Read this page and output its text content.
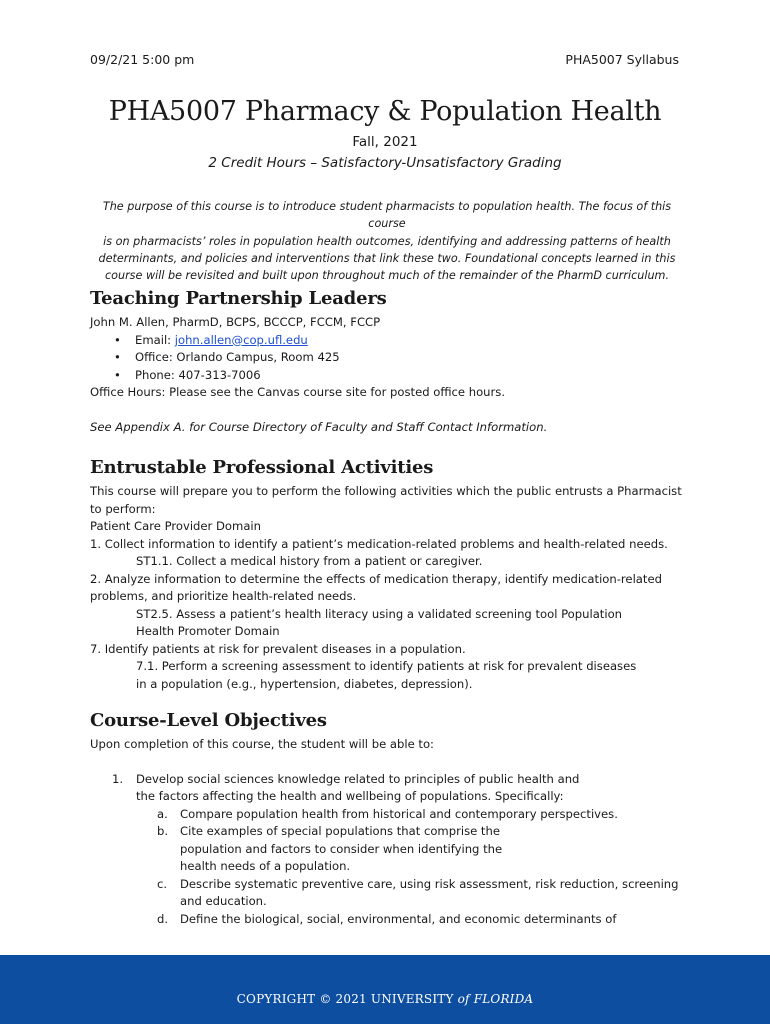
09/2/21 5:00 pm	PHA5007 Syllabus
PHA5007 Pharmacy & Population Health
Fall, 2021
2 Credit Hours – Satisfactory-Unsatisfactory Grading
The purpose of this course is to introduce student pharmacists to population health. The focus of this course
is on pharmacists’ roles in population health outcomes, identifying and addressing patterns of health
determinants, and policies and interventions that link these two. Foundational concepts learned in this
course will be revisited and built upon throughout much of the remainder of the PharmD curriculum.
Teaching Partnership Leaders
John M. Allen, PharmD, BCPS, BCCCP, FCCM, FCCP
• Email: john.allen@cop.ufl.edu
• Office: Orlando Campus, Room 425
• Phone: 407-313-7006
Office Hours: Please see the Canvas course site for posted office hours.
See Appendix A. for Course Directory of Faculty and Staff Contact Information.
Entrustable Professional Activities
This course will prepare you to perform the following activities which the public entrusts a Pharmacist to perform:
Patient Care Provider Domain
1. Collect information to identify a patient’s medication-related problems and health-related needs.
ST1.1. Collect a medical history from a patient or caregiver.
2. Analyze information to determine the effects of medication therapy, identify medication-related problems, and prioritize health-related needs.
ST2.5. Assess a patient’s health literacy using a validated screening tool Population Health Promoter Domain
7. Identify patients at risk for prevalent diseases in a population.
7.1. Perform a screening assessment to identify patients at risk for prevalent diseases in a population (e.g., hypertension, diabetes, depression).
Course-Level Objectives
Upon completion of this course, the student will be able to:
1. Develop social sciences knowledge related to principles of public health and
the factors affecting the health and wellbeing of populations. Specifically:
a. Compare population health from historical and contemporary perspectives.
b. Cite examples of special populations that comprise the population and factors to consider when identifying the health needs of a population.
c. Describe systematic preventive care, using risk assessment, risk reduction, screening and education.
d. Define the biological, social, environmental, and economic determinants of
COPYRIGHT © 2021 UNIVERSITY of FLORIDA
